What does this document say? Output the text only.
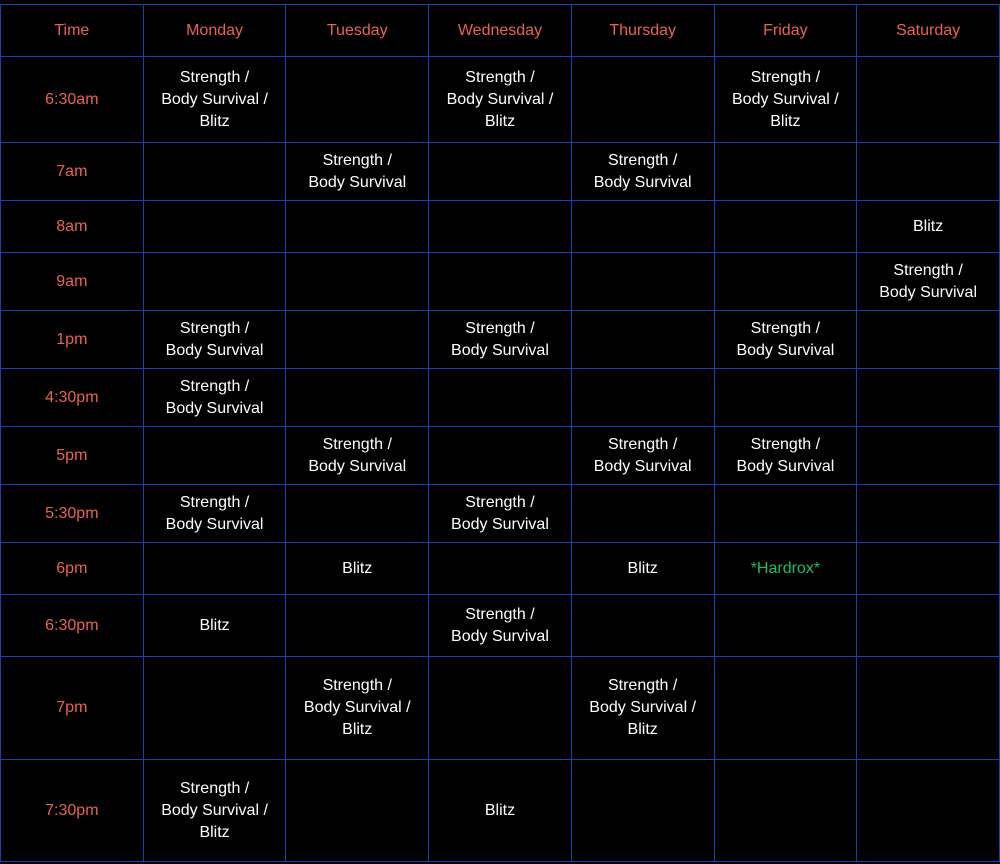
Time	Monday	Tuesday	Wednesday	Thursday	Friday	Saturday
6:30am	Strength /
Body Survival /
Blitz		Strength /
Body Survival /
Blitz		Strength /
Body Survival /
Blitz	
7am		Strength /
Body Survival		Strength /
Body Survival		
8am						Blitz
9am						Strength /
Body Survival
1pm	Strength /
Body Survival		Strength /
Body Survival		Strength /
Body Survival	
4:30pm	Strength /
Body Survival					
5pm		Strength /
Body Survival		Strength /
Body Survival	Strength /
Body Survival	
5:30pm	Strength /
Body Survival		Strength /
Body Survival			
6pm		Blitz		Blitz	*Hardrox*	
6:30pm	Blitz		Strength /
Body Survival			
7pm		Strength /
Body Survival /
Blitz		Strength /
Body Survival /
Blitz		
7:30pm	Strength /
Body Survival /
Blitz		Blitz			
